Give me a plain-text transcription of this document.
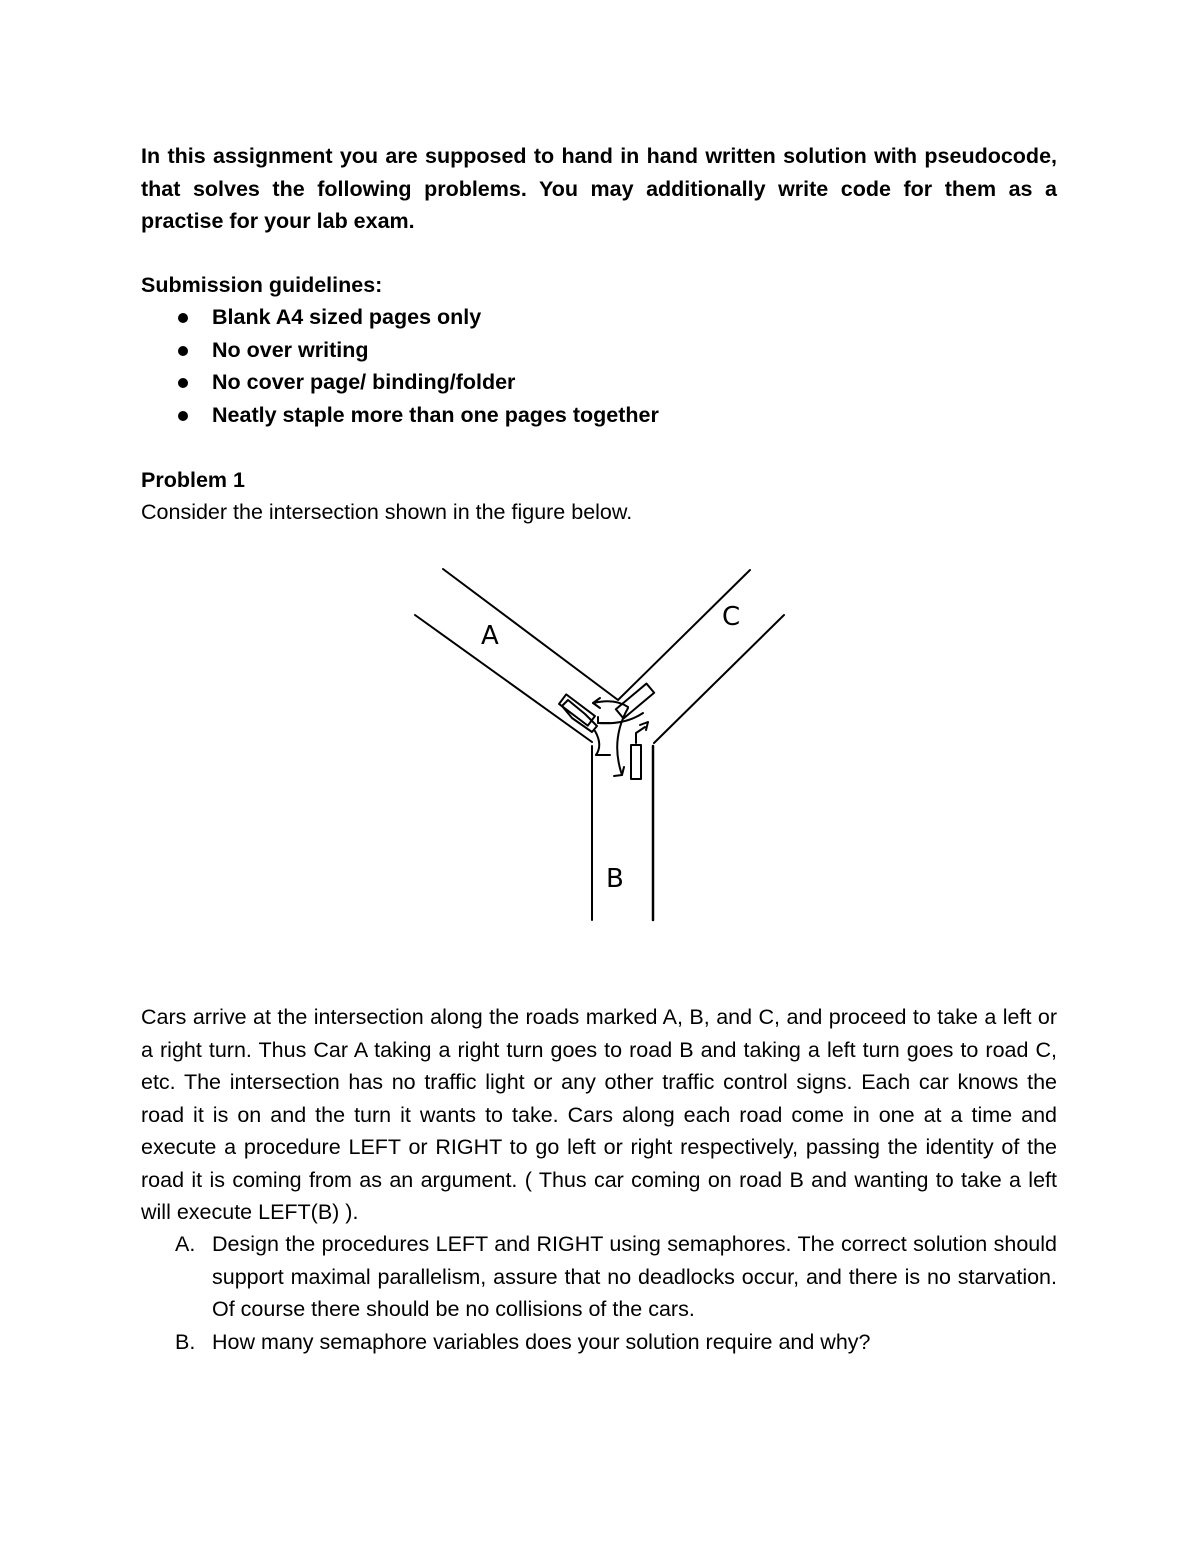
In this assignment you are supposed to hand in hand written solution with pseudocode, that solves the following problems. You may additionally write code for them as a practise for your lab exam.
Submission guidelines:
Blank A4 sized pages only
No over writing
No cover page/ binding/folder
Neatly staple more than one pages together
Problem 1
Consider the intersection shown in the figure below.
A
C
B
Cars arrive at the intersection along the roads marked A, B, and C, and proceed to take a left or a right turn. Thus Car A taking a right turn goes to road B and taking a left turn goes to road C, etc. The intersection has no traffic light or any other traffic control signs. Each car knows the road it is on and the turn it wants to take. Cars along each road come in one at a time and execute a procedure LEFT or RIGHT to go left or right respectively, passing the identity of the road it is coming from as an argument. ( Thus car coming on road B and wanting to take a left will execute LEFT(B) ).
A. Design the procedures LEFT and RIGHT using semaphores. The correct solution should support maximal parallelism, assure that no deadlocks occur, and there is no starvation. Of course there should be no collisions of the cars.
B. How many semaphore variables does your solution require and why?
